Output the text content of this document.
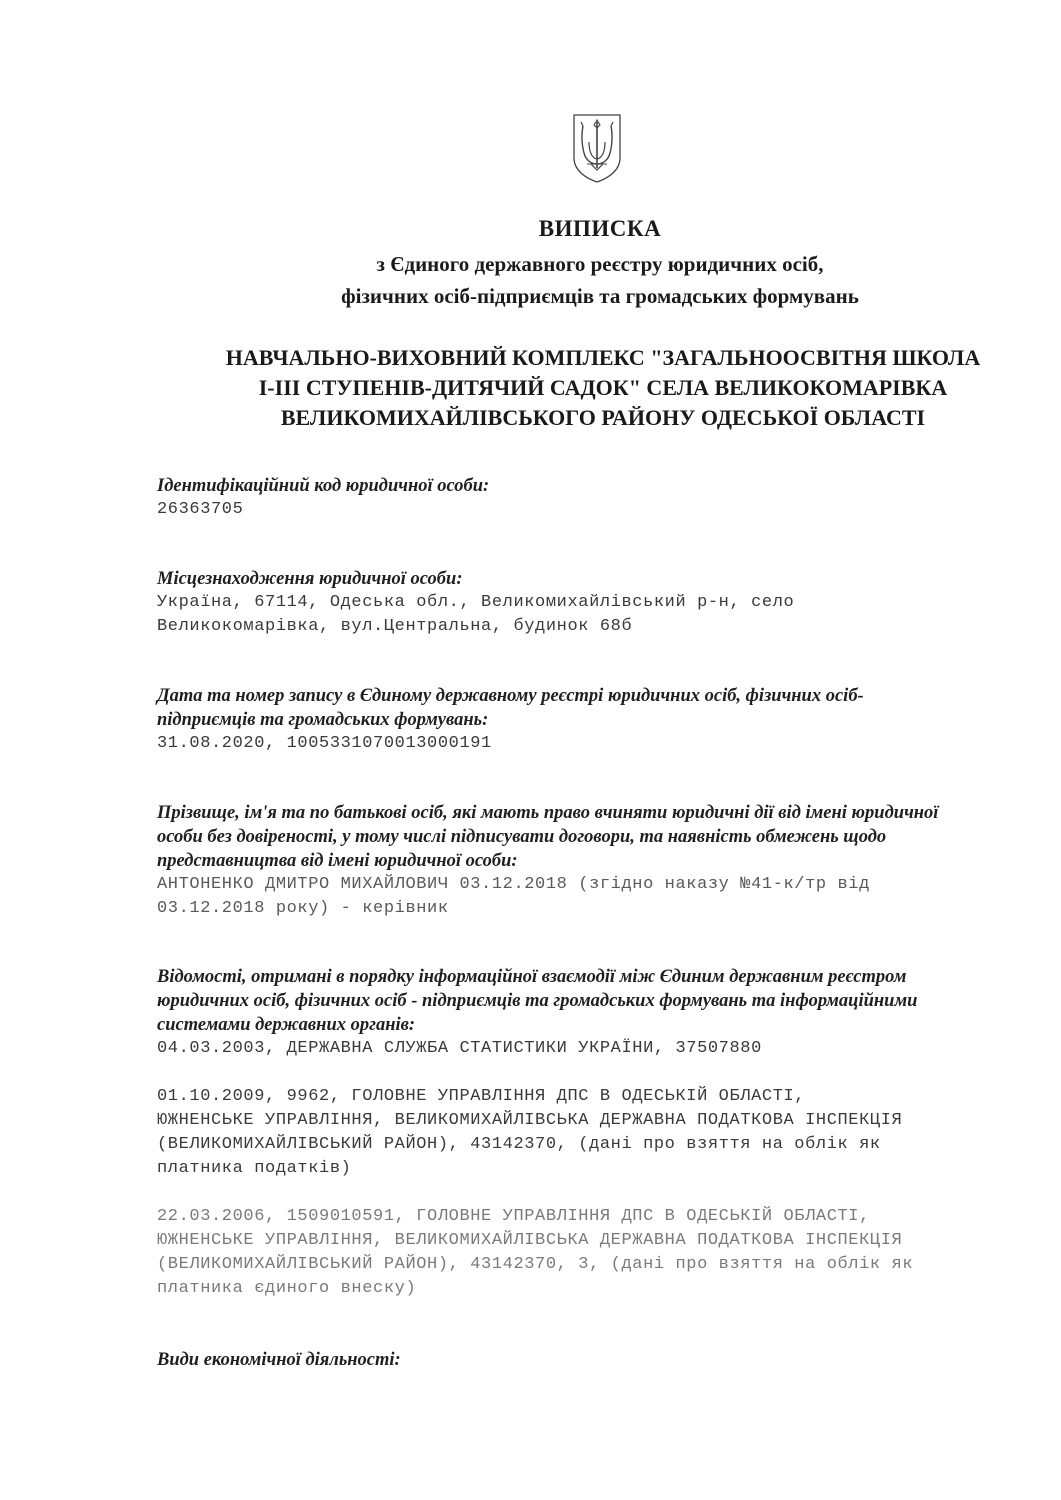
ВИПИСКА
з Єдиного державного реєстру юридичних осіб,
фізичних осіб-підприємців та громадських формувань
НАВЧАЛЬНО-ВИХОВНИЙ КОМПЛЕКС "ЗАГАЛЬНООСВІТНЯ ШКОЛА
І-ІІІ СТУПЕНІВ-ДИТЯЧИЙ САДОК" СЕЛА ВЕЛИКОКОМАРІВКА
ВЕЛИКОМИХАЙЛІВСЬКОГО РАЙОНУ ОДЕСЬКОЇ ОБЛАСТІ
Ідентифікаційний код юридичної особи:
26363705
Місцезнаходження юридичної особи:
Україна, 67114, Одеська обл., Великомихайлівський р-н, село
Великокомарівка, вул.Центральна, будинок 68б
Дата та номер запису в Єдиному державному реєстрі юридичних осіб, фізичних осіб-
підприємців та громадських формувань:
31.08.2020, 1005331070013000191
Прізвище, ім'я та по батькові осіб, які мають право вчиняти юридичні дії від імені юридичної
особи без довіреності, у тому числі підписувати договори, та наявність обмежень щодо
представництва від імені юридичної особи:
АНТОНЕНКО ДМИТРО МИХАЙЛОВИЧ 03.12.2018 (згідно наказу №41-к/тр від
03.12.2018 року) - керівник
Відомості, отримані в порядку інформаційної взаємодії між Єдиним державним реєстром
юридичних осіб, фізичних осіб - підприємців та громадських формувань та інформаційними
системами державних органів:
04.03.2003, ДЕРЖАВНА СЛУЖБА СТАТИСТИКИ УКРАЇНИ, 37507880
01.10.2009, 9962, ГОЛОВНЕ УПРАВЛІННЯ ДПС В ОДЕСЬКІЙ ОБЛАСТІ,
ЮЖНЕНСЬКЕ УПРАВЛІННЯ, ВЕЛИКОМИХАЙЛІВСЬКА ДЕРЖАВНА ПОДАТКОВА ІНСПЕКЦІЯ
(ВЕЛИКОМИХАЙЛІВСЬКИЙ РАЙОН), 43142370, (дані про взяття на облік як
платника податків)
22.03.2006, 1509010591, ГОЛОВНЕ УПРАВЛІННЯ ДПС В ОДЕСЬКІЙ ОБЛАСТІ,
ЮЖНЕНСЬКЕ УПРАВЛІННЯ, ВЕЛИКОМИХАЙЛІВСЬКА ДЕРЖАВНА ПОДАТКОВА ІНСПЕКЦІЯ
(ВЕЛИКОМИХАЙЛІВСЬКИЙ РАЙОН), 43142370, 3, (дані про взяття на облік як
платника єдиного внеску)
Види економічної діяльності:
